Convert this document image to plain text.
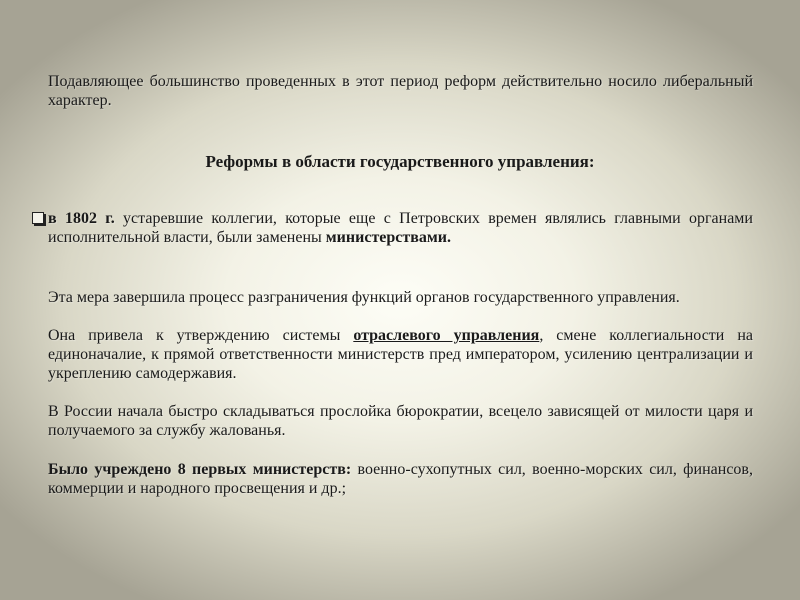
Подавляющее большинство проведенных в этот период реформ действительно носило либеральный характер.
Реформы в области государственного управления:
в 1802 г. устаревшие коллегии, которые еще с Петровских времен являлись главными органами исполнительной власти, были заменены министерствами.
Эта мера завершила процесс разграничения функций органов государственного управления.
Она привела к утверждению системы отраслевого управления, смене коллегиальности на единоначалие, к прямой ответственности министерств пред императором, усилению централизации и укреплению самодержавия.
В России начала быстро складываться прослойка бюрократии, всецело зависящей от милости царя и получаемого за службу жалованья.
Было учреждено 8 первых министерств: военно-сухопутных сил, военно-морских сил, финансов, коммерции и народного просвещения и др.;
